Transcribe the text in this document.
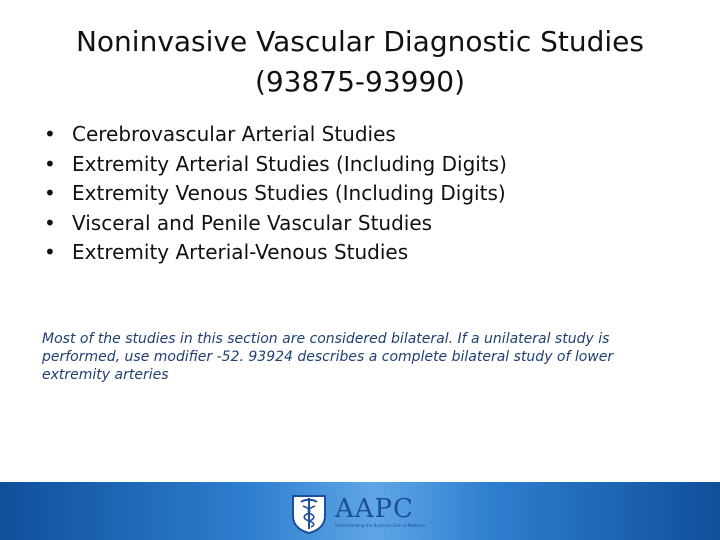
Noninvasive Vascular Diagnostic Studies (93875-93990)
• Cerebrovascular Arterial Studies
• Extremity Arterial Studies (Including Digits)
• Extremity Venous Studies (Including Digits)
• Visceral and Penile Vascular Studies
• Extremity Arterial-Venous Studies
Most of the studies in this section are considered bilateral. If a unilateral study is performed, use modifier -52. 93924 describes a complete bilateral study of lower extremity arteries
AAPC
Understanding the Business Side of Medicine
